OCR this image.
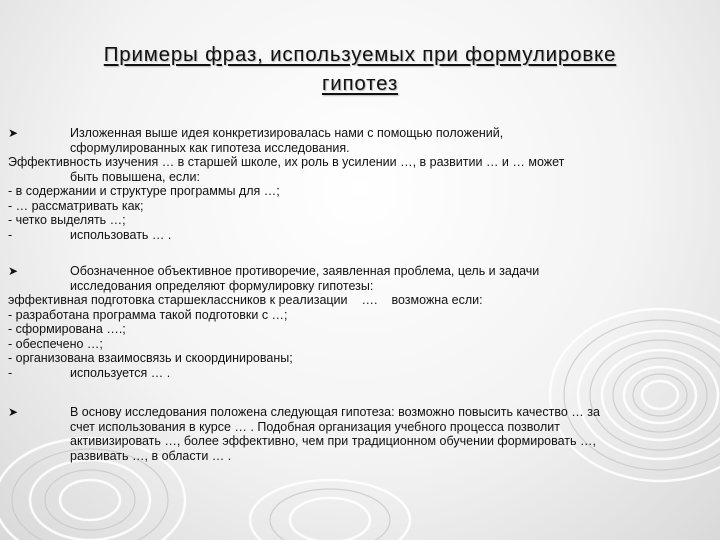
Примеры фраз, используемых при формулировке
гипотез
➤	Изложенная выше идея конкретизировалась нами с помощью положений,
сформулированных как гипотеза исследования.
Эффективность изучения … в старшей школе, их роль в усилении …, в развитии … и … может
быть повышена, если:
- в содержании и структуре программы для …;
- … рассматривать как;
- четко выделять …;
-	использовать … .
➤	Обозначенное объективное противоречие, заявленная проблема, цель и задачи
исследования определяют формулировку гипотезы:
эффективная подготовка старшеклассников к реализации …. возможна если:
- разработана программа такой подготовки с …;
- сформирована ….;
- обеспечено …;
- организована взаимосвязь и скоординированы;
-	используется … .
➤	В основу исследования положена следующая гипотеза: возможно повысить качество … за
счет использования в курсе … . Подобная организация учебного процесса позволит
активизировать …, более эффективно, чем при традиционном обучении формировать …,
развивать …, в области … .
